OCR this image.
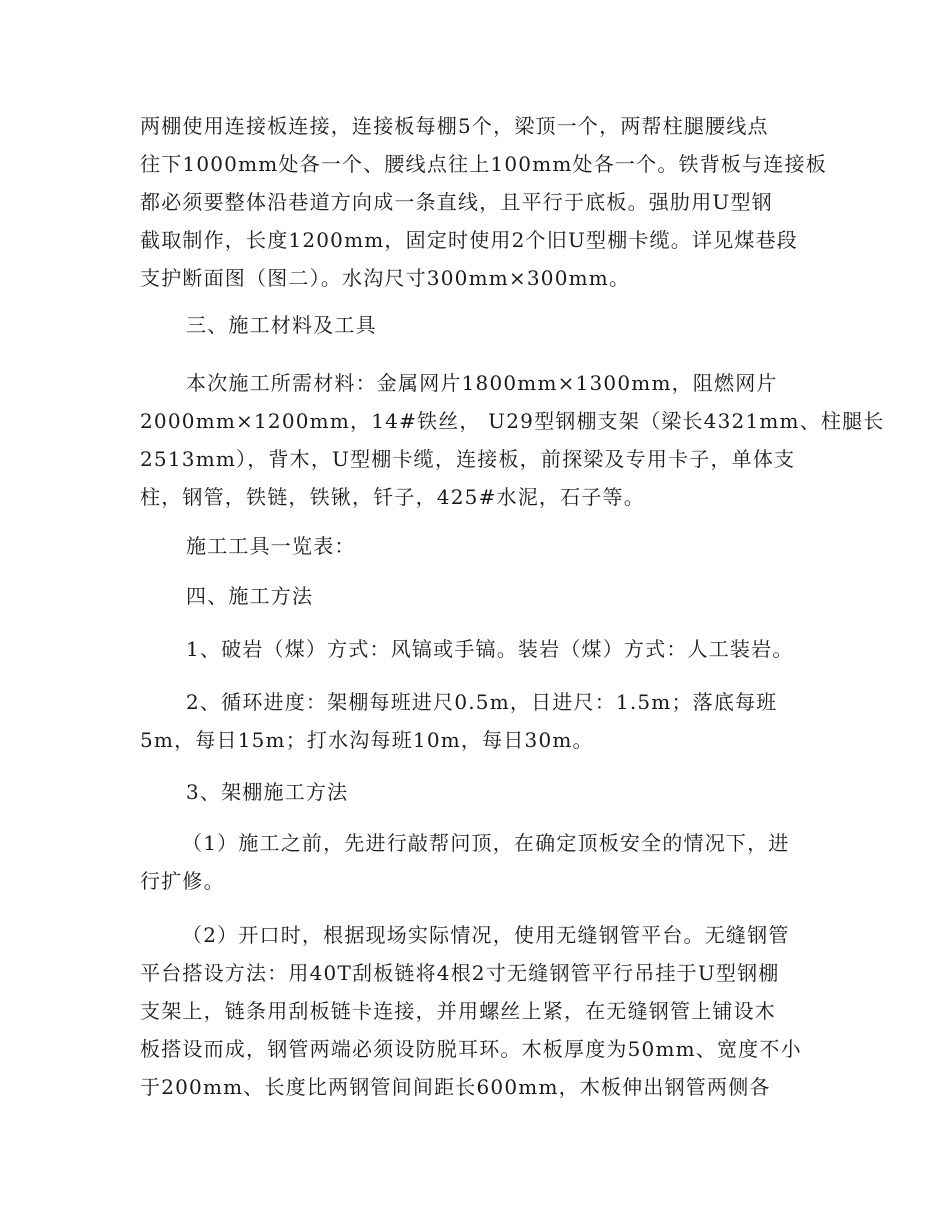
两棚使用连接板连接，连接板每棚5个，梁顶一个，两帮柱腿腰线点
往下1000mm处各一个、腰线点往上100mm处各一个。铁背板与连接板
都必须要整体沿巷道方向成一条直线，且平行于底板。强肋用U型钢
截取制作，长度1200mm，固定时使用2个旧U型棚卡缆。详见煤巷段
支护断面图（图二）。水沟尺寸300mm×300mm。

三、施工材料及工具

本次施工所需材料：金属网片1800mm×1300mm，阻燃网片
2000mm×1200mm，14#铁丝， U29型钢棚支架（梁长4321mm、柱腿长
2513mm），背木，U型棚卡缆，连接板，前探梁及专用卡子，单体支
柱，钢管，铁链，铁锹，钎子，425#水泥，石子等。

施工工具一览表：

四、施工方法

1、破岩（煤）方式：风镐或手镐。装岩（煤）方式：人工装岩。

2、循环进度：架棚每班进尺0.5m，日进尺：1.5m；落底每班
5m，每日15m；打水沟每班10m，每日30m。

3、架棚施工方法

（1）施工之前，先进行敲帮问顶，在确定顶板安全的情况下，进
行扩修。

（2）开口时，根据现场实际情况，使用无缝钢管平台。无缝钢管
平台搭设方法：用40T刮板链将4根2寸无缝钢管平行吊挂于U型钢棚
支架上，链条用刮板链卡连接，并用螺丝上紧，在无缝钢管上铺设木
板搭设而成，钢管两端必须设防脱耳环。木板厚度为50mm、宽度不小
于200mm、长度比两钢管间间距长600mm，木板伸出钢管两侧各
